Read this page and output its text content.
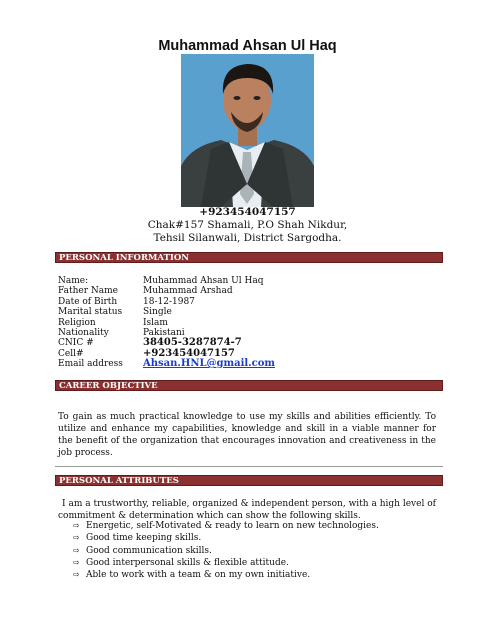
Muhammad Ahsan Ul Haq
+923454047157
Chak#157 Shamali, P.O Shah Nikdur,
Tehsil Silanwali, District Sargodha.
PERSONAL INFORMATION
Name:	Muhammad Ahsan Ul Haq
Father Name	Muhammad Arshad
Date of Birth	18-12-1987
Marital status Single
Religion	Islam
Nationality	Pakistani
CNIC #	38405-3287874-7
Cell#	+923454047157
Email address Ahsan.HNL@gmail.com
CAREER OBJECTIVE
To gain as much practical knowledge to use my skills and abilities efficiently. To utilize and enhance my capabilities, knowledge and skill in a viable manner for the benefit of the organization that encourages innovation and creativeness in the job process.
PERSONAL ATTRIBUTES
I am a trustworthy, reliable, organized & independent person, with a high level of commitment & determination which can show the following skills.
⇨ Energetic, self-Motivated & ready to learn on new technologies.
⇨ Good time keeping skills.
⇨ Good communication skills.
⇨ Good interpersonal skills & flexible attitude.
⇨ Able to work with a team & on my own initiative.
